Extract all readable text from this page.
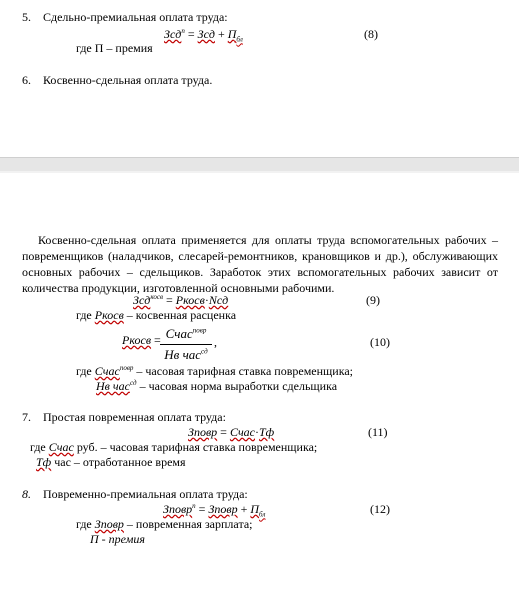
5. Сдельно-премиальная оплата труда:
Зсд$^п$ = Зсд + $П_{бл}$	(8)
где П – премия
6. Косвенно-сдельная оплата труда.
Косвенно-сдельная оплата применяется для оплаты труда вспомогательных рабочих – повременщиков (наладчиков, слесарей-ремонтников, крановщиков и др.), обслуживающих основных рабочих – сдельщиков. Заработок этих вспомогательных рабочих зависит от количества продукции, изготовленной основными рабочими.
Зсд$^{косв}$ = Ркосв·Nсд	(9)
где Ркосв – косвенная расценка
Ркосв = Счас$^{повр}$
Нв час$^{сд}$
,	(10)
где Счас$^{повр}$ – часовая тарифная ставка повременщика;
Нв час$^{сд}$ – часовая норма выработки сдельщика
7. Простая повременная оплата труда:
Зповр = Счас·Тф	(11)
где Счас руб. – часовая тарифная ставка повременщика;
Тф час – отработанное время
8. Повременно-премиальная оплата труда:
Зповр$^п$ = Зповр + $П_{бл}$	(12)
где Зповр – повременная зарплата;
П - премия
